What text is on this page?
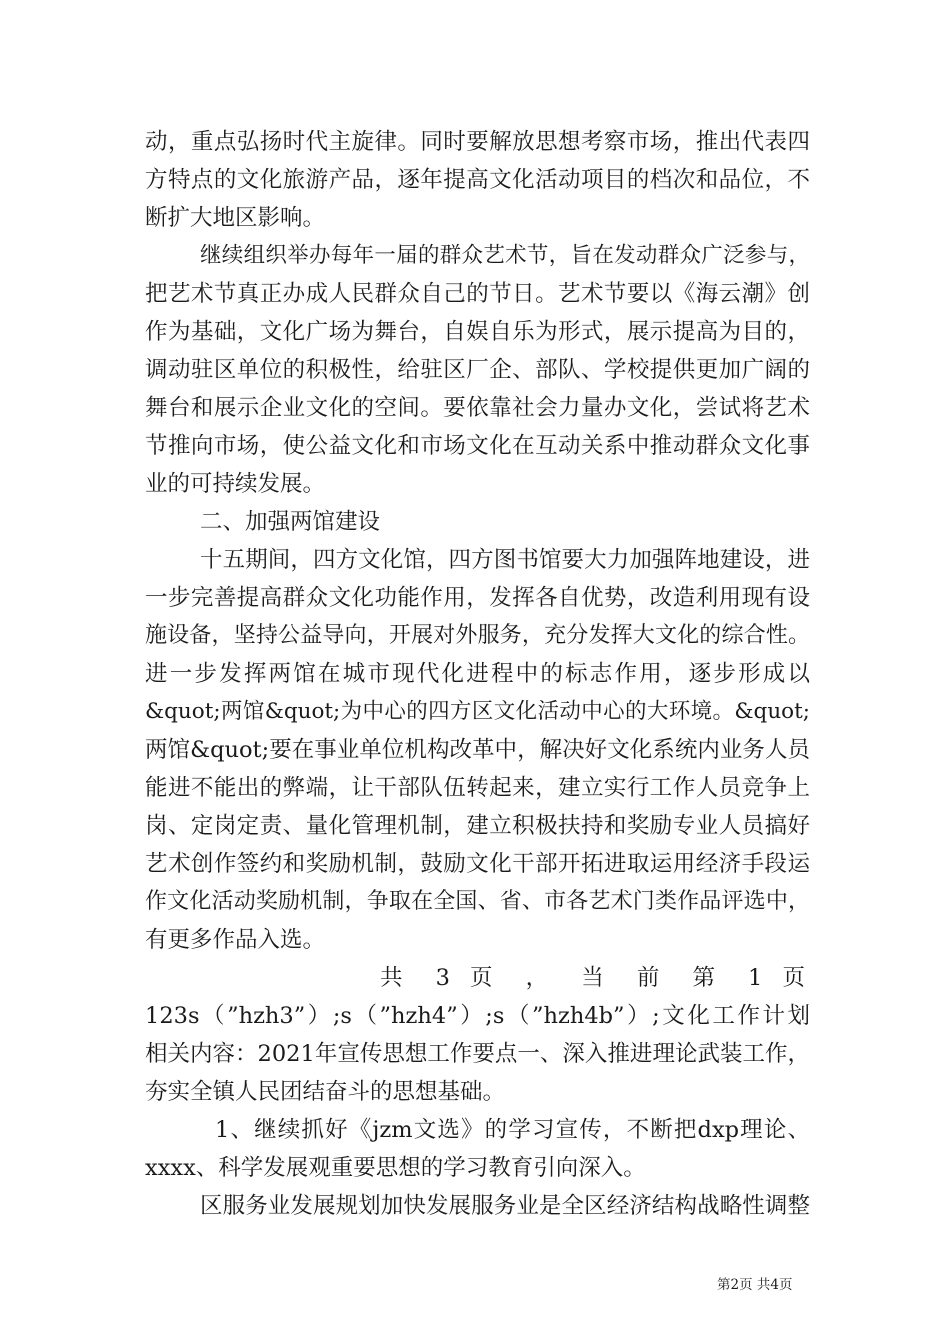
动，重点弘扬时代主旋律。同时要解放思想考察市场，推出代表四
方特点的文化旅游产品，逐年提高文化活动项目的档次和品位，不
断扩大地区影响。
继续组织举办每年一届的群众艺术节，旨在发动群众广泛参与，
把艺术节真正办成人民群众自己的节日。艺术节要以《海云潮》创
作为基础，文化广场为舞台，自娱自乐为形式，展示提高为目的，
调动驻区单位的积极性，给驻区厂企、部队、学校提供更加广阔的
舞台和展示企业文化的空间。要依靠社会力量办文化，尝试将艺术
节推向市场，使公益文化和市场文化在互动关系中推动群众文化事
业的可持续发展。
二、加强两馆建设
十五期间，四方文化馆，四方图书馆要大力加强阵地建设，进
一步完善提高群众文化功能作用，发挥各自优势，改造利用现有设
施设备，坚持公益导向，开展对外服务，充分发挥大文化的综合性。
进一步发挥两馆在城市现代化进程中的标志作用，逐步形成以
&quot;两馆&quot;为中心的四方区文化活动中心的大环境。&quot;
两馆&quot;要在事业单位机构改革中，解决好文化系统内业务人员
能进不能出的弊端，让干部队伍转起来，建立实行工作人员竞争上
岗、定岗定责、量化管理机制，建立积极扶持和奖励专业人员搞好
艺术创作签约和奖励机制，鼓励文化干部开拓进取运用经济手段运
作文化活动奖励机制，争取在全国、省、市各艺术门类作品评选中，
有更多作品入选。
共 3 页 ， 当 前 第 1 页
123s（”hzh3”）;s（”hzh4”）;s（”hzh4b”）;文化工作计划
相关内容：2021年宣传思想工作要点一、深入推进理论武装工作，
夯实全镇人民团结奋斗的思想基础。
1、继续抓好《jzm文选》的学习宣传，不断把dxp理论、
xxxx、科学发展观重要思想的学习教育引向深入。
区服务业发展规划加快发展服务业是全区经济结构战略性调整
第2页 共4页
